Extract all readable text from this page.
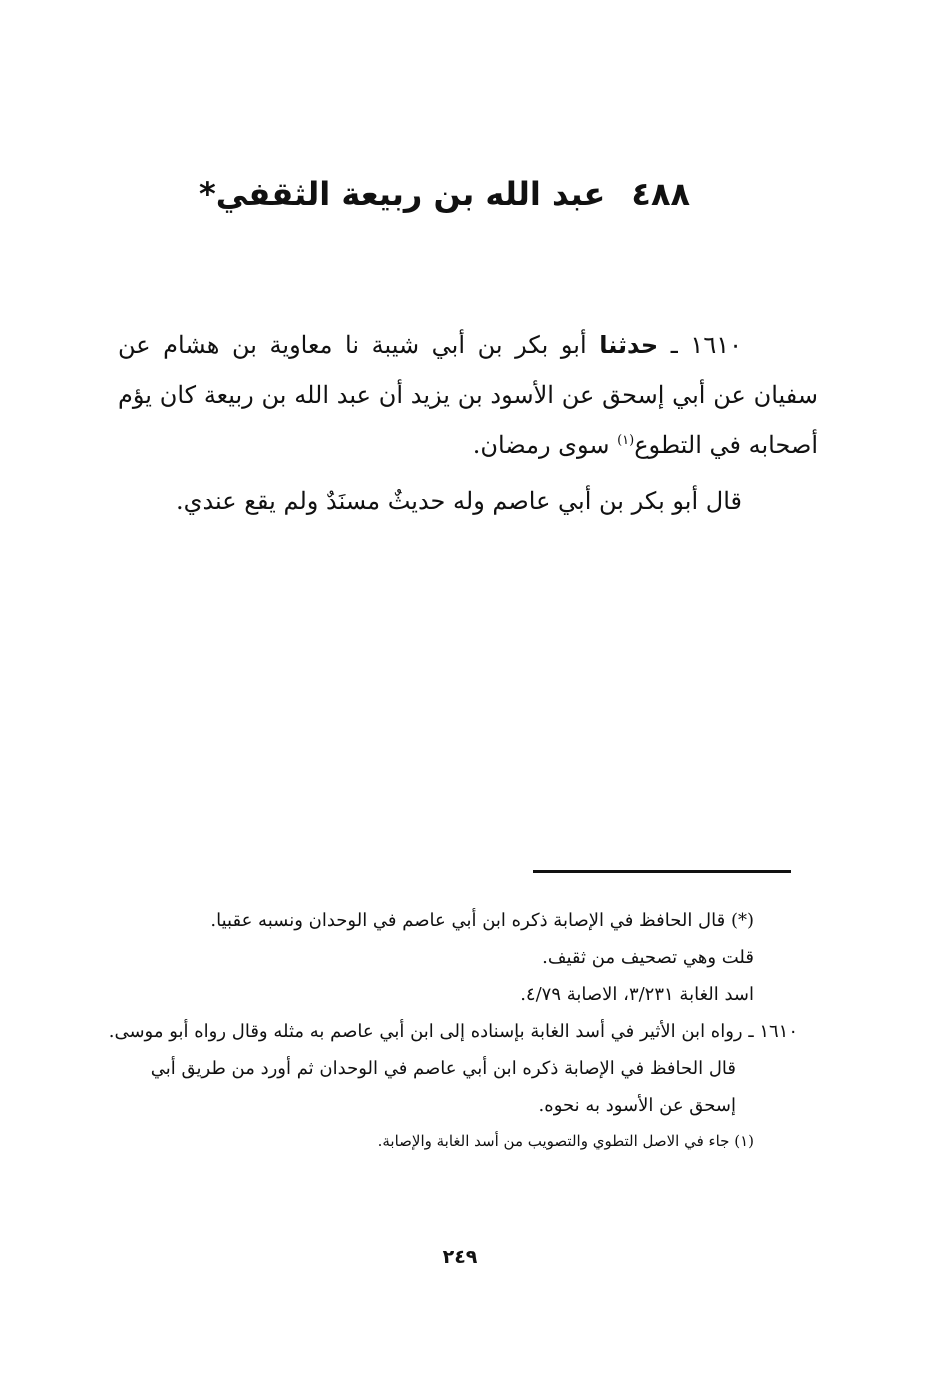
٤٨٨عبد الله بن ربيعة الثقفي*

١٦١٠ ـ حدثنا أبو بكر بن أبي شيبة نا معاوية بن هشام عن سفيان عن أبي إسحق عن الأسود بن يزيد أن عبد الله بن ربيعة كان يؤم أصحابه في التطوع$^{(١)}$ سوى رمضان.

قال أبو بكر بن أبي عاصم وله حديثٌ مسنَدٌ ولم يقع عندي.

(*) قال الحافظ في الإصابة ذكره ابن أبي عاصم في الوحدان ونسبه عقبيا.

قلت وهي تصحيف من ثقيف.

اسد الغابة ٣/٢٣١، الاصابة ٤/٧٩.

١٦١٠ ـ رواه ابن الأثير في أسد الغابة بإسناده إلى ابن أبي عاصم به مثله وقال رواه أبو موسى.

قال الحافظ في الإصابة ذكره ابن أبي عاصم في الوحدان ثم أورد من طريق أبي إسحق عن الأسود به نحوه.

(١) جاء في الاصل التطوي والتصويب من أسد الغابة والإصابة.

٢٤٩
